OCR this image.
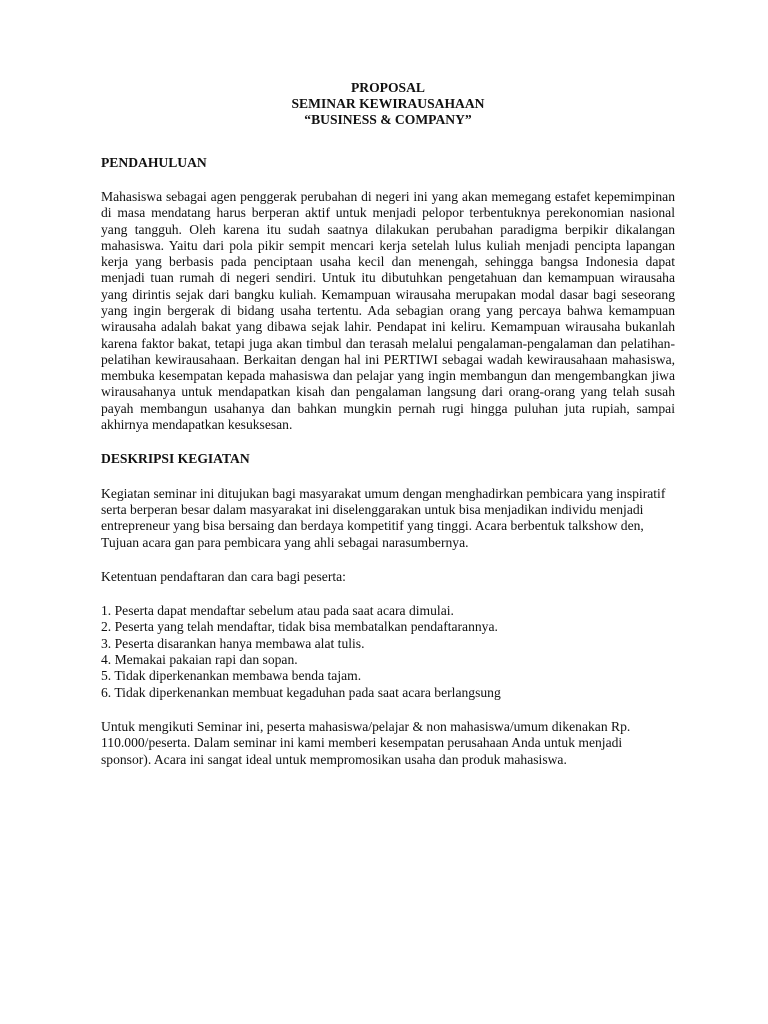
PROPOSAL
SEMINAR KEWIRAUSAHAAN
“BUSINESS & COMPANY”

PENDAHULUAN

Mahasiswa sebagai agen penggerak perubahan di negeri ini yang akan memegang estafet kepemimpinan di masa mendatang harus berperan aktif untuk menjadi pelopor terbentuknya perekonomian nasional yang tangguh. Oleh karena itu sudah saatnya dilakukan perubahan paradigma berpikir dikalangan mahasiswa. Yaitu dari pola pikir sempit mencari kerja setelah lulus kuliah menjadi pencipta lapangan kerja yang berbasis pada penciptaan usaha kecil dan menengah, sehingga bangsa Indonesia dapat menjadi tuan rumah di negeri sendiri. Untuk itu dibutuhkan pengetahuan dan kemampuan wirausaha yang dirintis sejak dari bangku kuliah. Kemampuan wirausaha merupakan modal dasar bagi seseorang yang ingin bergerak di bidang usaha tertentu. Ada sebagian orang yang percaya bahwa kemampuan wirausaha adalah bakat yang dibawa sejak lahir. Pendapat ini keliru. Kemampuan wirausaha bukanlah karena faktor bakat, tetapi juga akan timbul dan terasah melalui pengalaman-pengalaman dan pelatihan-pelatihan kewirausahaan. Berkaitan dengan hal ini PERTIWI sebagai wadah kewirausahaan mahasiswa, membuka kesempatan kepada mahasiswa dan pelajar yang ingin membangun dan mengembangkan jiwa wirausahanya untuk mendapatkan kisah dan pengalaman langsung dari orang-orang yang telah susah payah membangun usahanya dan bahkan mungkin pernah rugi hingga puluhan juta rupiah, sampai akhirnya mendapatkan kesuksesan.

DESKRIPSI KEGIATAN

Kegiatan seminar ini ditujukan bagi masyarakat umum dengan menghadirkan pembicara yang inspiratif serta berperan besar dalam masyarakat ini diselenggarakan untuk bisa menjadikan individu menjadi entrepreneur yang bisa bersaing dan berdaya kompetitif yang tinggi. Acara berbentuk talkshow den, Tujuan acara gan para pembicara yang ahli sebagai narasumbernya.

Ketentuan pendaftaran dan cara bagi peserta:

1. Peserta dapat mendaftar sebelum atau pada saat acara dimulai.
2. Peserta yang telah mendaftar, tidak bisa membatalkan pendaftarannya.
3. Peserta disarankan hanya membawa alat tulis.
4. Memakai pakaian rapi dan sopan.
5. Tidak diperkenankan membawa benda tajam.
6. Tidak diperkenankan membuat kegaduhan pada saat acara berlangsung

Untuk mengikuti Seminar ini, peserta mahasiswa/pelajar & non mahasiswa/umum dikenakan Rp. 110.000/peserta. Dalam seminar ini kami memberi kesempatan perusahaan Anda untuk menjadi sponsor). Acara ini sangat ideal untuk mempromosikan usaha dan produk mahasiswa.
